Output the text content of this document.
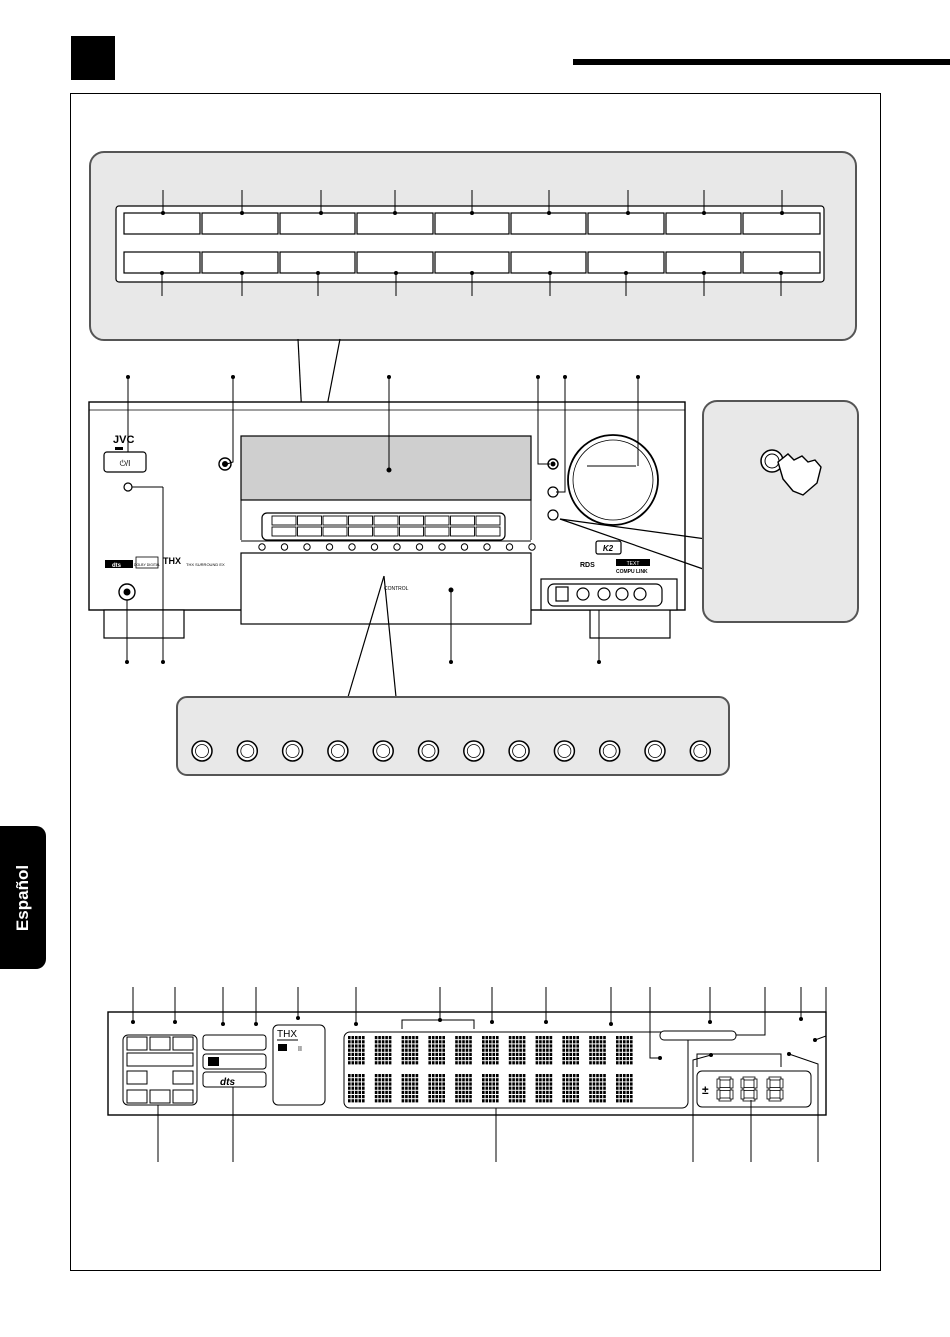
Español
JVC
⏻/I
CONTROL
K2
RDS	TEXT
COMPU LINK
dts	DOLBY DIGITAL THX THX SURROUND EX
dts
THX
II
±
